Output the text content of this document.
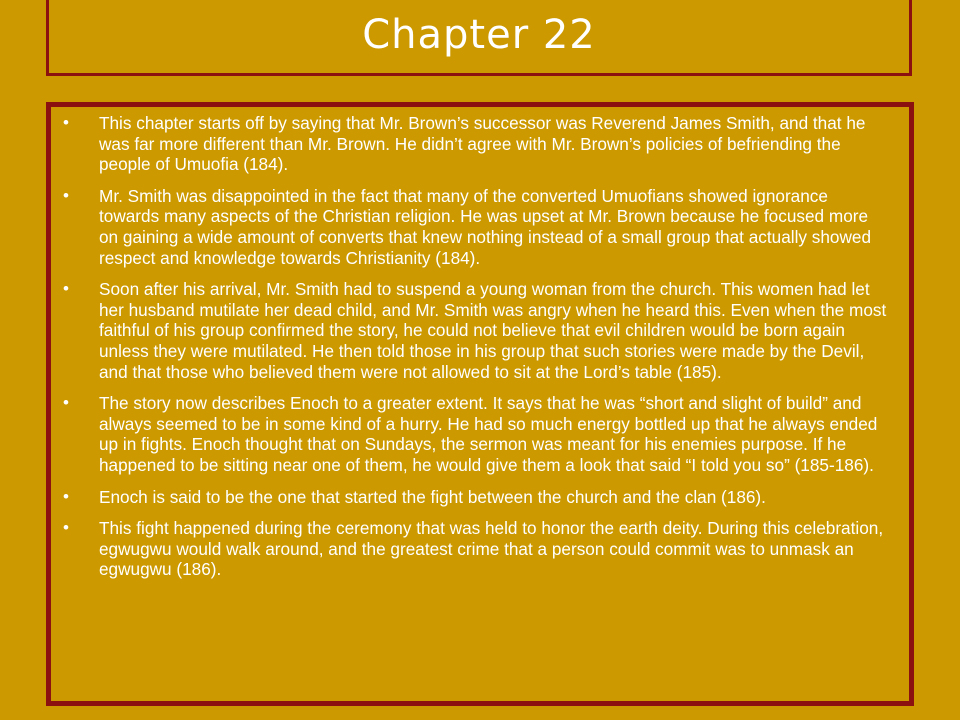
Chapter 22
• This chapter starts off by saying that Mr. Brown’s successor was Reverend James Smith, and that he was far more different than Mr. Brown. He didn’t agree with Mr. Brown’s policies of befriending the people of Umuofia (184).
• Mr. Smith was disappointed in the fact that many of the converted Umuofians showed ignorance towards many aspects of the Christian religion. He was upset at Mr. Brown because he focused more on gaining a wide amount of converts that knew nothing instead of a small group that actually showed respect and knowledge towards Christianity (184).
• Soon after his arrival, Mr. Smith had to suspend a young woman from the church. This women had let her husband mutilate her dead child, and Mr. Smith was angry when he heard this. Even when the most faithful of his group confirmed the story, he could not believe that evil children would be born again unless they were mutilated. He then told those in his group that such stories were made by the Devil, and that those who believed them were not allowed to sit at the Lord’s table (185).
• The story now describes Enoch to a greater extent. It says that he was “short and slight of build” and always seemed to be in some kind of a hurry. He had so much energy bottled up that he always ended up in fights. Enoch thought that on Sundays, the sermon was meant for his enemies purpose. If he happened to be sitting near one of them, he would give them a look that said “I told you so” (185-186).
• Enoch is said to be the one that started the fight between the church and the clan (186).
• This fight happened during the ceremony that was held to honor the earth deity. During this celebration, egwugwu would walk around, and the greatest crime that a person could commit was to unmask an egwugwu (186).
